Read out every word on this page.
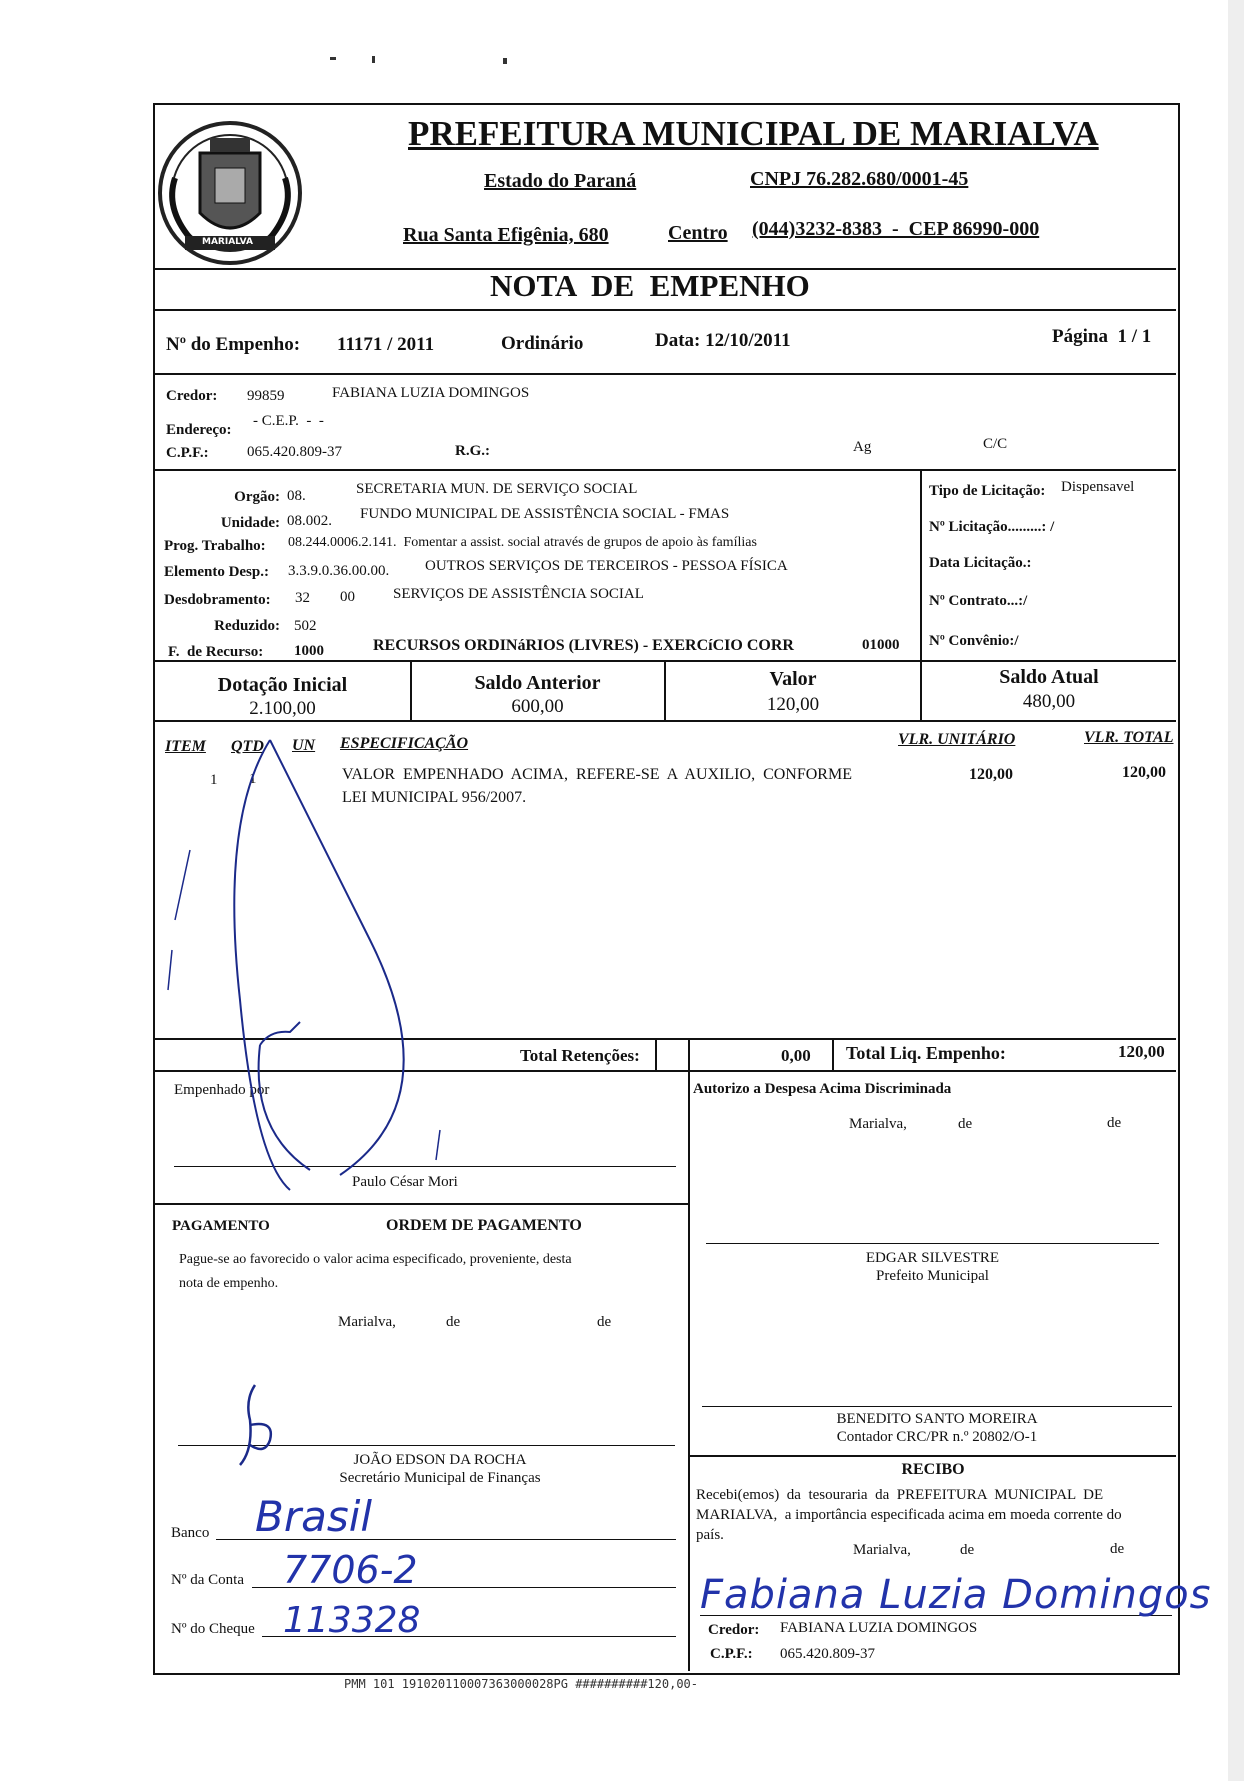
MARIALVA
PREFEITURA MUNICIPAL DE MARIALVA
Estado do Paraná	CNPJ 76.282.680/0001-45
Rua Santa Efigênia, 680	Centro (044)3232-8383  -  CEP 86990-000
NOTA  DE  EMPENHO
Nº do Empenho: 11171 / 2011	Ordinário	Data: 12/10/2011	Página  1 / 1
Credor: 99859	FABIANA LUZIA DOMINGOS
Endereço:
- C.E.P.  -  -
C.P.F.:	065.420.809-37	R.G.:	Ag	C/C
Orgão: 08.	SECRETARIA MUN. DE SERVIÇO SOCIAL
Unidade: 08.002. FUNDO MUNICIPAL DE ASSISTÊNCIA SOCIAL - FMAS
Prog. Trabalho: 08.244.0006.2.141.  Fomentar a assist. social através de grupos de apoio às famílias
Elemento Desp.: 3.3.9.0.36.00.00. OUTROS SERVIÇOS DE TERCEIROS - PESSOA FÍSICA
Desdobramento: 32 00	SERVIÇOS DE ASSISTÊNCIA SOCIAL
Reduzido: 502
F.  de Recurso: 1000	RECURSOS ORDINáRIOS (LIVRES) - EXERCíCIO CORR	01000
Tipo de Licitação: Dispensavel
Nº Licitação.........: /
Data Licitação.:
Nº Contrato...:/
Nº Convênio:/
Dotação Inicial
2.100,00
Saldo Anterior
600,00
Valor
120,00
Saldo Atual
480,00
ITEM QTD UN ESPECIFICAÇÃO	VLR. UNITÁRIO	VLR. TOTAL
1 1	VALOR  EMPENHADO  ACIMA,  REFERE-SE  A  AUXILIO,  CONFORME
LEI MUNICIPAL 956/2007.
120,00	120,00
Total Retenções:	0,00 Total Liq. Empenho:	120,00
Empenhado por
Paulo César Mori
Autorizo a Despesa Acima Discriminada
Marialva,	de	de
EDGAR SILVESTRE
Prefeito Municipal
PAGAMENTO	ORDEM DE PAGAMENTO
Pague-se ao favorecido o valor acima especificado, proveniente, desta
nota de empenho.
Marialva,	de	de
JOÃO EDSON DA ROCHA
Secretário Municipal de Finanças
BENEDITO SANTO MOREIRA
Contador CRC/PR n.º 20802/O-1
RECIBO
Recebi(emos)  da  tesouraria  da  PREFEITURA  MUNICIPAL  DE
MARIALVA,  a importância especificada acima em moeda corrente do
país.
Marialva,	de	de
Credor: FABIANA LUZIA DOMINGOS
C.P.F.: 065.420.809-37
Banco Brasil
Nº da Conta 7706-2
Nº do Cheque 113328
Fabiana Luzia Domingos
PMM 101 191020110007363000028PG ##########120,00-
